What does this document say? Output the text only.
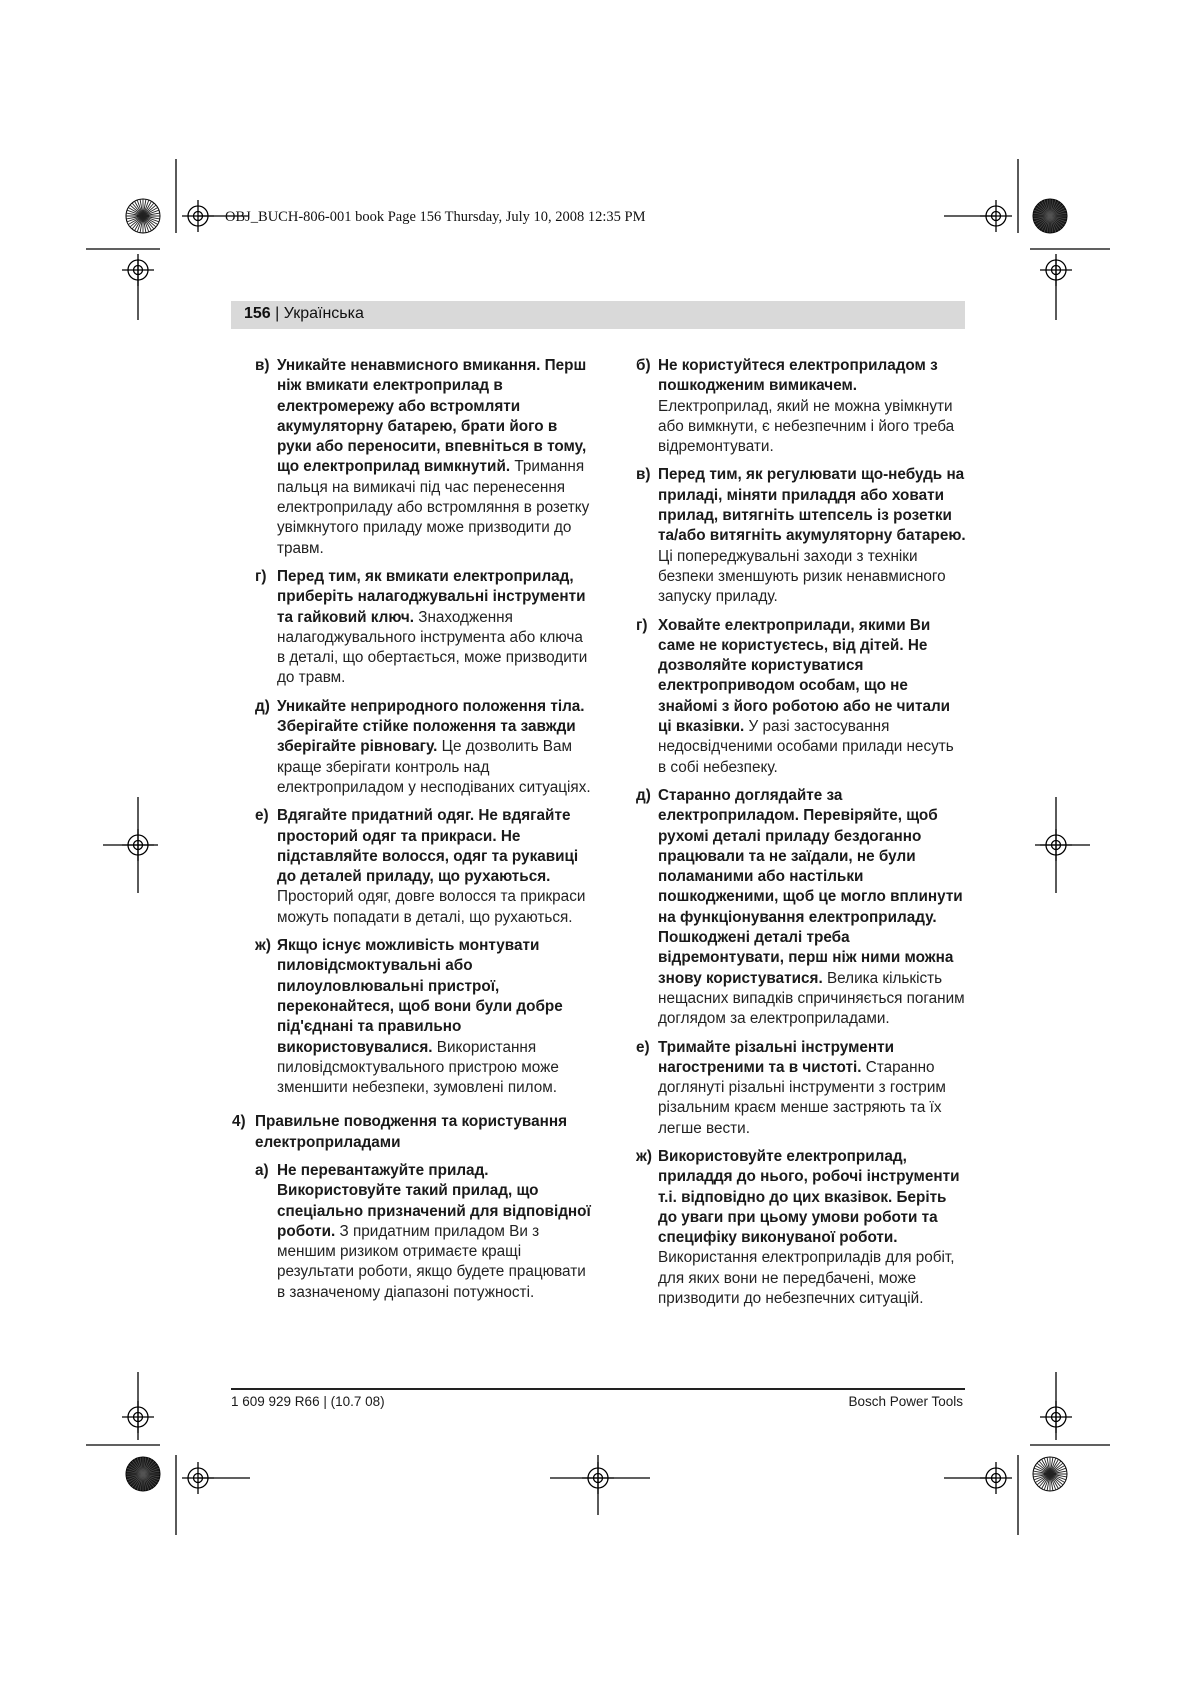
OBJ_BUCH-806-001 book Page 156 Thursday, July 10, 2008 12:35 PM
156 | Українська
в) Уникайте ненавмисного вмикання. Перш ніж вмикати електроприлад в електромережу або встромляти акумуляторну батарею, брати його в руки або переносити, впевніться в тому, що електроприлад вимкнутий. Тримання пальця на вимикачі під час перенесення електроприладу або встромляння в розетку увімкнутого приладу може призводити до травм.
г) Перед тим, як вмикати електроприлад, приберіть налагоджувальні інструменти та гайковий ключ. Знаходження налагоджувального інструмента або ключа в деталі, що обертається, може призводити до травм.
д) Уникайте неприродного положення тіла. Зберігайте стійке положення та завжди зберігайте рівновагу. Це дозволить Вам краще зберігати контроль над електроприладом у несподіваних ситуаціях.
е) Вдягайте придатний одяг. Не вдягайте просторий одяг та прикраси. Не підставляйте волосся, одяг та рукавиці до деталей приладу, що рухаються. Просторий одяг, довге волосся та прикраси можуть попадати в деталі, що рухаються.
ж) Якщо існує можливість монтувати пиловідсмоктувальні або пилоуловлювальні пристрої, переконайтеся, щоб вони були добре під'єднані та правильно використовувалися. Використання пиловідсмоктувального пристрою може зменшити небезпеки, зумовлені пилом.
4) Правильне поводження та користування електроприладами
а) Не перевантажуйте прилад. Використовуйте такий прилад, що спеціально призначений для відповідної роботи. З придатним приладом Ви з меншим ризиком отримаєте кращі результати роботи, якщо будете працювати в зазначеному діапазоні потужності.
б) Не користуйтеся електроприладом з пошкодженим вимикачем. Електроприлад, який не можна увімкнути або вимкнути, є небезпечним і його треба відремонтувати.
в) Перед тим, як регулювати що-небудь на приладі, міняти приладдя або ховати прилад, витягніть штепсель із розетки та/або витягніть акумуляторну батарею. Ці попереджувальні заходи з техніки безпеки зменшують ризик ненавмисного запуску приладу.
г) Ховайте електроприлади, якими Ви саме не користуєтесь, від дітей. Не дозволяйте користуватися електроприводом особам, що не знайомі з його роботою або не читали ці вказівки. У разі застосування недосвідченими особами прилади несуть в собі небезпеку.
д) Старанно доглядайте за електроприладом. Перевіряйте, щоб рухомі деталі приладу бездоганно працювали та не заїдали, не були поламаними або настільки пошкодженими, щоб це могло вплинути на функціонування електроприладу. Пошкоджені деталі треба відремонтувати, перш ніж ними можна знову користуватися. Велика кількість нещасних випадків спричиняється поганим доглядом за електроприладами.
е) Тримайте різальні інструменти нагостреними та в чистоті. Старанно доглянуті різальні інструменти з гострим різальним краєм менше застряють та їх легше вести.
ж) Використовуйте електроприлад, приладдя до нього, робочі інструменти т.і. відповідно до цих вказівок. Беріть до уваги при цьому умови роботи та специфіку виконуваної роботи. Використання електроприладів для робіт, для яких вони не передбачені, може призводити до небезпечних ситуацій.
1 609 929 R66 | (10.7 08)	Bosch Power Tools
